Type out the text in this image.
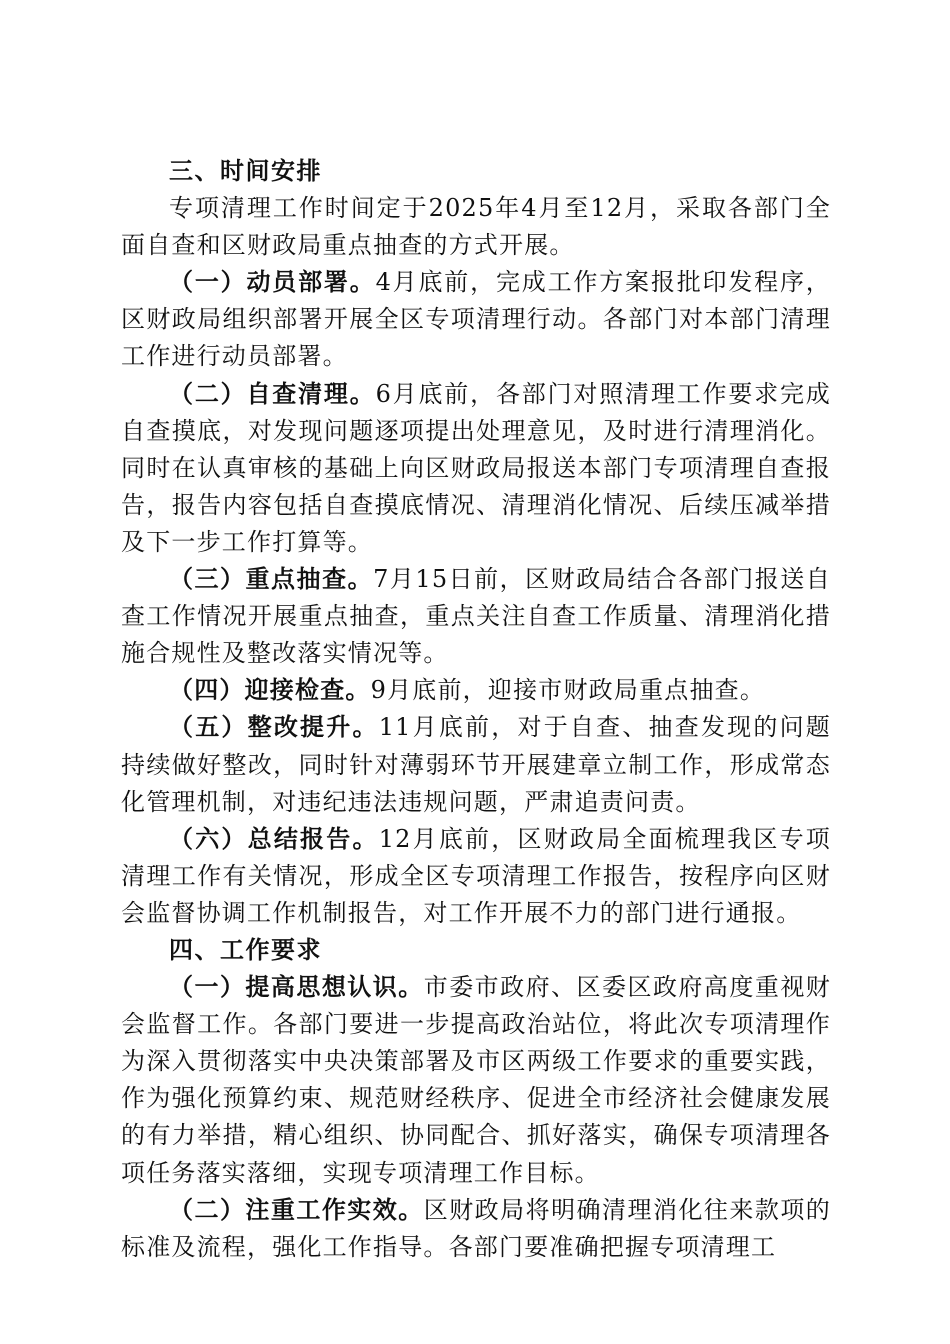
三、时间安排

专项清理工作时间定于2025年4月至12月，采取各部门全面自查和区财政局重点抽查的方式开展。

（一）动员部署。4月底前，完成工作方案报批印发程序，区财政局组织部署开展全区专项清理行动。各部门对本部门清理工作进行动员部署。

（二）自查清理。6月底前，各部门对照清理工作要求完成自查摸底，对发现问题逐项提出处理意见，及时进行清理消化。同时在认真审核的基础上向区财政局报送本部门专项清理自查报告，报告内容包括自查摸底情况、清理消化情况、后续压减举措及下一步工作打算等。

（三）重点抽查。7月15日前，区财政局结合各部门报送自查工作情况开展重点抽查，重点关注自查工作质量、清理消化措施合规性及整改落实情况等。

（四）迎接检查。9月底前，迎接市财政局重点抽查。

（五）整改提升。11月底前，对于自查、抽查发现的问题持续做好整改，同时针对薄弱环节开展建章立制工作，形成常态化管理机制，对违纪违法违规问题，严肃追责问责。

（六）总结报告。12月底前，区财政局全面梳理我区专项清理工作有关情况，形成全区专项清理工作报告，按程序向区财会监督协调工作机制报告，对工作开展不力的部门进行通报。

四、工作要求

（一）提高思想认识。市委市政府、区委区政府高度重视财会监督工作。各部门要进一步提高政治站位，将此次专项清理作为深入贯彻落实中央决策部署及市区两级工作要求的重要实践，作为强化预算约束、规范财经秩序、促进全市经济社会健康发展的有力举措，精心组织、协同配合、抓好落实，确保专项清理各项任务落实落细，实现专项清理工作目标。

（二）注重工作实效。区财政局将明确清理消化往来款项的标准及流程，强化工作指导。各部门要准确把握专项清理工
